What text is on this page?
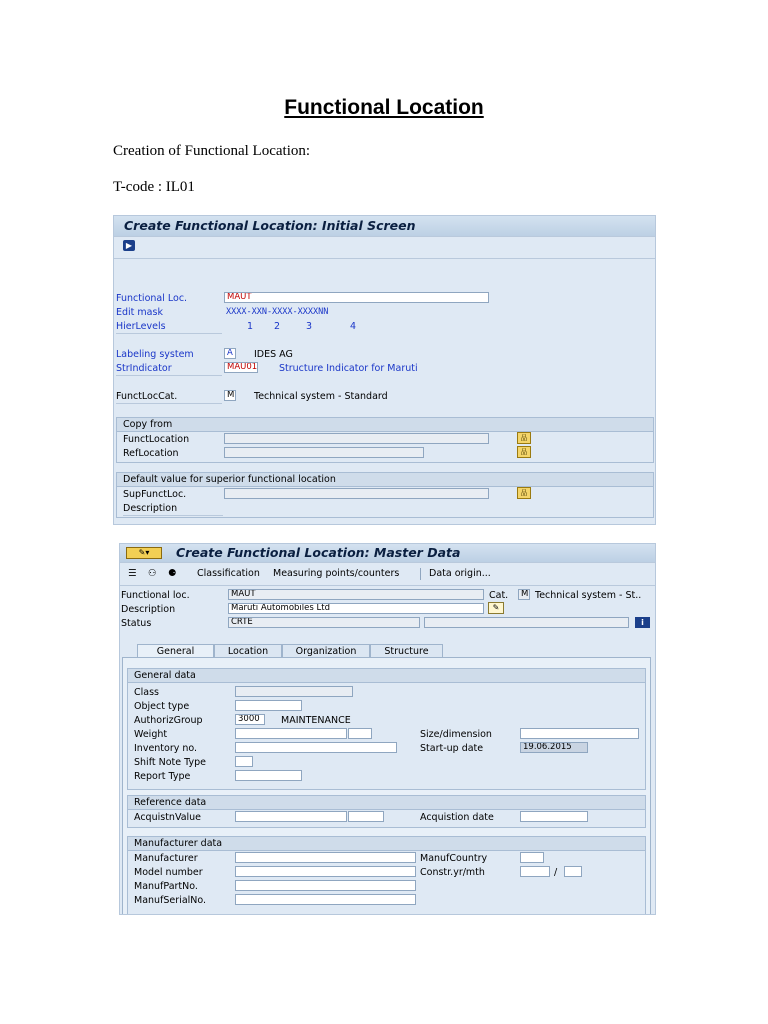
Functional Location
Creation of Functional Location:
T-code : IL01
Create Functional Location: Initial Screen
▶
Functional Loc.	MAUT
Edit mask	XXXX-XXN-XXXX-XXXXNN
HierLevels	1 2	3	4
Labeling system	A	IDES AG
StrIndicator	MAU01 Structure Indicator for Maruti
FunctLocCat.	M Technical system - Standard
Copy from
FunctLocation	品
RefLocation	品
Default value for superior functional location
SupFunctLoc.	品
Description
Create Functional Location: Master Data
✎▾
☰ ⚇ ⚈ Classification Measuring points/counters	Data origin...
Functional loc.	MAUT	Cat.	M Technical system - St..
Description	Maruti Automobiles Ltd	✎
Status	CRTE	i
General	Location	Organization	Structure
General data
Class
Object type
AuthorizGroup	3000	MAINTENANCE
Weight	Size/dimension
Inventory no.	Start-up date	19.06.2015
Shift Note Type
Report Type
Reference data
AcquistnValue	Acquistion date
Manufacturer data
Manufacturer	ManufCountry
Model number	Constr.yr/mth	/
ManufPartNo.
ManufSerialNo.
